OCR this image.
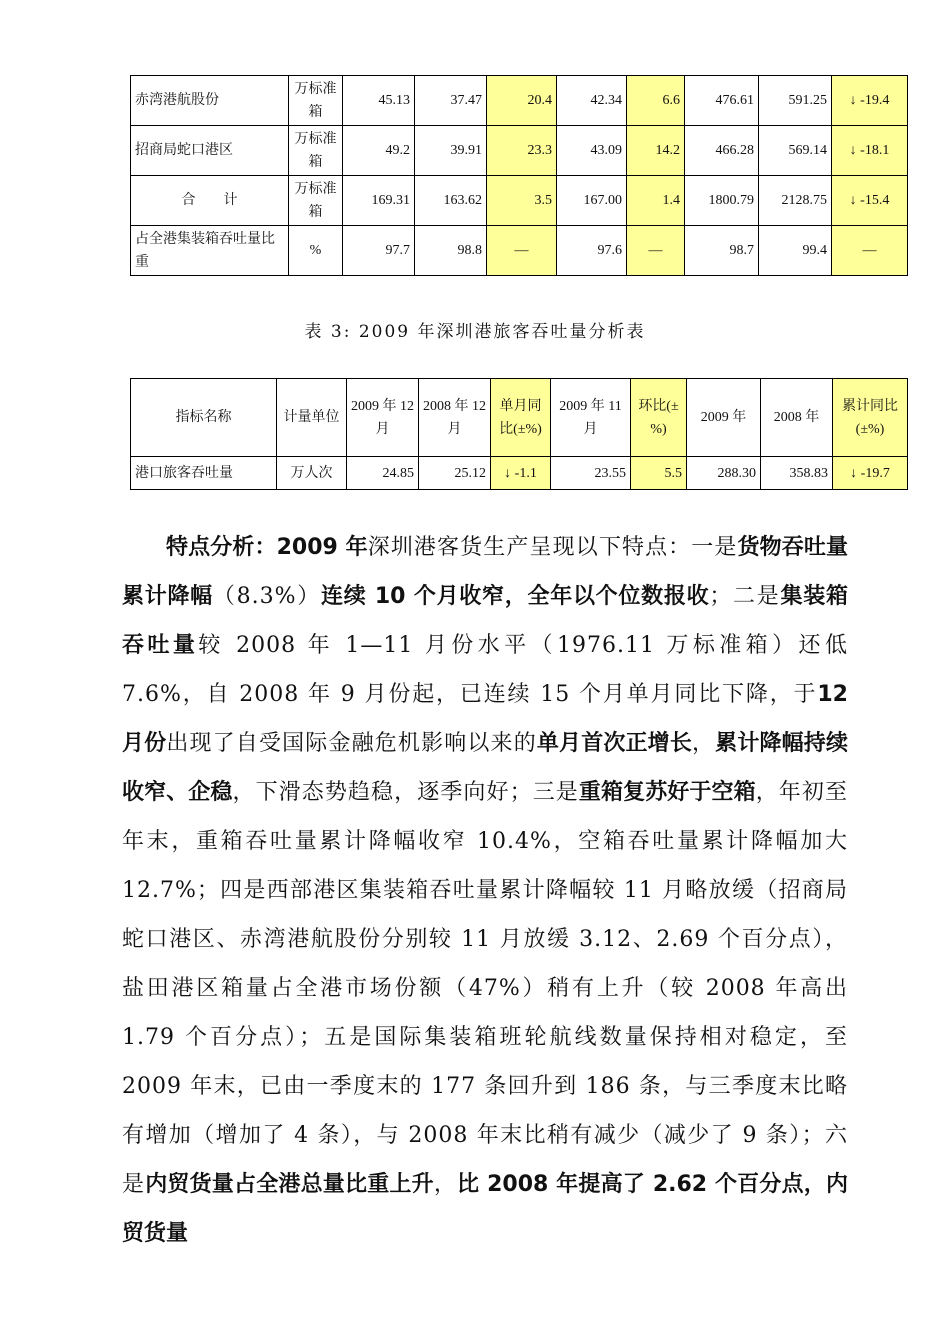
赤湾港航股份	万标准箱	45.13	37.47	20.4	42.34	6.6	476.61	591.25	↓ -19.4
招商局蛇口港区	万标准箱	49.2	39.91	23.3	43.09	14.2	466.28	569.14	↓ -18.1
合　　计	万标准箱	169.31	163.62	3.5	167.00	1.4	1800.79	2128.75	↓ -15.4
占全港集装箱吞吐量比重	%	97.7	98.8	—	97.6	—	98.7	99.4	—
表 3: 2009 年深圳港旅客吞吐量分析表
指标名称	计量单位	2009 年 12 月	2008 年 12 月	单月同比(±%)	2009 年 11 月	环比(±%)	2009 年	2008 年	累计同比(±%)
港口旅客吞吐量	万人次	24.85	25.12	↓ -1.1	23.55	5.5	288.30	358.83	↓ -19.7

特点分析：2009 年深圳港客货生产呈现以下特点：一是货物吞吐量累计降幅（8.3%）连续 10 个月收窄，全年以个位数报收；二是集装箱吞吐量较 2008 年 1—11 月份水平（1976.11 万标准箱）还低 7.6%，自 2008 年 9 月份起，已连续 15 个月单月同比下降，于12 月份出现了自受国际金融危机影响以来的单月首次正增长，累计降幅持续收窄、企稳，下滑态势趋稳，逐季向好；三是重箱复苏好于空箱，年初至年末，重箱吞吐量累计降幅收窄 10.4%，空箱吞吐量累计降幅加大 12.7%；四是西部港区集装箱吞吐量累计降幅较 11 月略放缓（招商局蛇口港区、赤湾港航股份分别较 11 月放缓 3.12、2.69 个百分点），盐田港区箱量占全港市场份额（47%）稍有上升（较 2008 年高出 1.79 个百分点）；五是国际集装箱班轮航线数量保持相对稳定，至 2009 年末，已由一季度末的 177 条回升到 186 条，与三季度末比略有增加（增加了 4 条），与 2008 年末比稍有减少（减少了 9 条）；六是内贸货量占全港总量比重上升，比 2008 年提高了 2.62 个百分点，内贸货量
